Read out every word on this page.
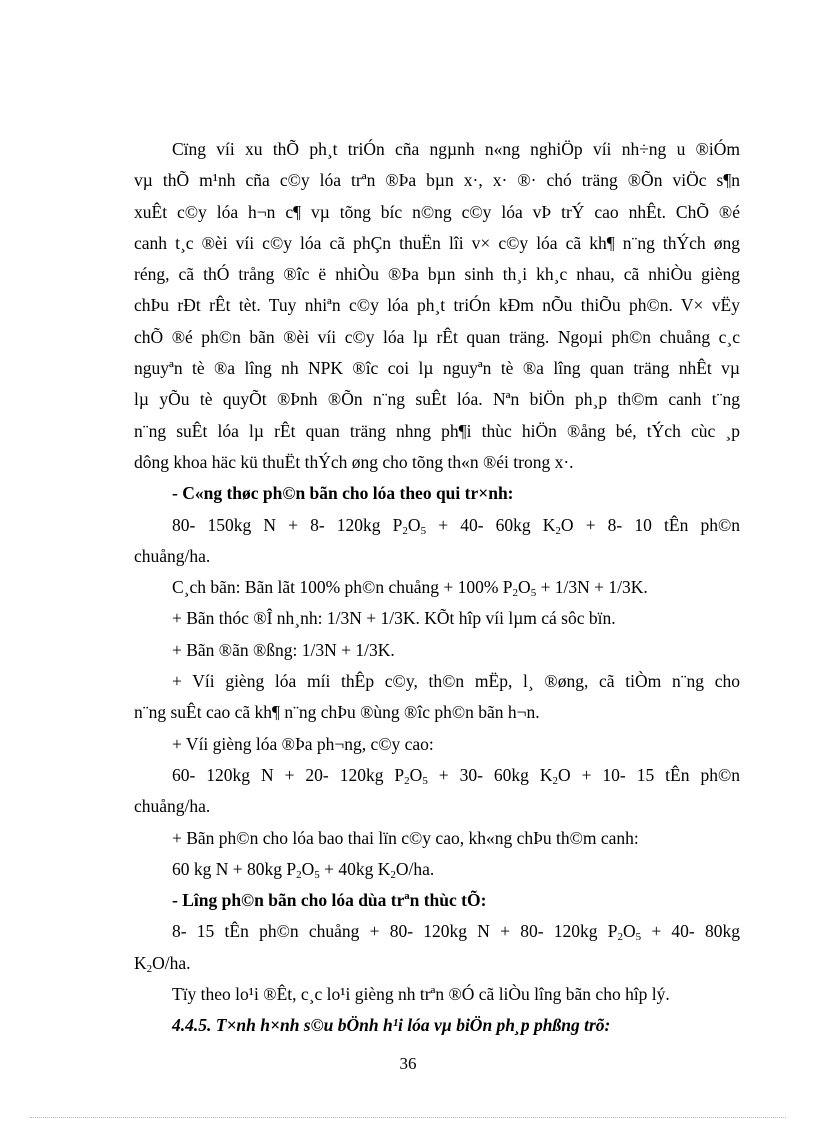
Cïng víi xu thÕ ph¸t triÓn cña ngµnh n«ng nghiÖp víi nh÷ng u ®iÓm
vµ thÕ m¹nh cña c©y lóa trªn ®Þa bµn x·, x· ®· chó träng ®Õn viÖc s¶n
xuÊt c©y lóa h¬n c¶ vµ tõng bíc n©ng c©y lóa vÞ trÝ cao nhÊt. ChÕ ®é
canh t¸c ®èi víi c©y lóa cã phÇn thuËn lîi v× c©y lóa cã kh¶ n¨ng thÝch øng
réng, cã thÓ trång ®îc ë nhiÒu ®Þa bµn sinh th¸i kh¸c nhau, cã nhiÒu gièng
chÞu rÐt rÊt tèt. Tuy nhiªn c©y lóa ph¸t triÓn kÐm nÕu thiÕu ph©n. V× vËy
chÕ ®é ph©n bãn ®èi víi c©y lóa lµ rÊt quan träng. Ngoµi ph©n chuång c¸c
nguyªn tè ®a lîng nh NPK ®îc coi lµ nguyªn tè ®a lîng quan träng nhÊt vµ
lµ yÕu tè quyÕt ®Þnh ®Õn n¨ng suÊt lóa. Nªn biÖn ph¸p th©m canh t¨ng
n¨ng suÊt lóa lµ rÊt quan träng nhng ph¶i thùc hiÖn ®ång bé, tÝch cùc ¸p
dông khoa häc kü thuËt thÝch øng cho tõng th«n ®éi trong x·.
- C«ng thøc ph©n bãn cho lóa theo qui tr×nh:
80- 150kg N + 8- 120kg $P_2O_5 + 40-$ 60kg $K_2O + 8-$ 10 tÊn ph©n
chuång/ha.
C¸ch bãn: Bãn lãt 100% ph©n chuång + 100% $P_2O_5 + 1/3N + 1/3K$.
+ Bãn thóc ®Î nh¸nh: 1/3N + 1/3K. KÕt hîp víi lµm cá sôc bïn.
+ Bãn ®ãn ®ßng: 1/3N + 1/3K.
+ Víi gièng lóa míi thÊp c©y, th©n mËp, l¸ ®øng, cã tiÒm n¨ng cho
n¨ng suÊt cao cã kh¶ n¨ng chÞu ®ùng ®îc ph©n bãn h¬n.
+ Víi gièng lóa ®Þa ph¬ng, c©y cao:
60- 120kg N + 20- 120kg $P_2O_5 + 30-$ 60kg $K_2O + 10-$ 15 tÊn ph©n
chuång/ha.
+ Bãn ph©n cho lóa bao thai lïn c©y cao, kh«ng chÞu th©m canh:
60 kg N + 80kg $P_2O_5 + 40kg$ $K_2O/ha$.
- Lîng ph©n bãn cho lóa dùa trªn thùc tÕ:
8- 15 tÊn ph©n chuång + 80- 120kg N + 80- 120kg $P_2O_5 + 40-$ 80kg
$K_2O/ha$.
Tïy theo lo¹i ®Êt, c¸c lo¹i gièng nh trªn ®Ó cã liÒu lîng bãn cho hîp lý.
4.4.5. T×nh h×nh s©u bÖnh h¹i lóa vµ biÖn ph¸p phßng trõ:
36
